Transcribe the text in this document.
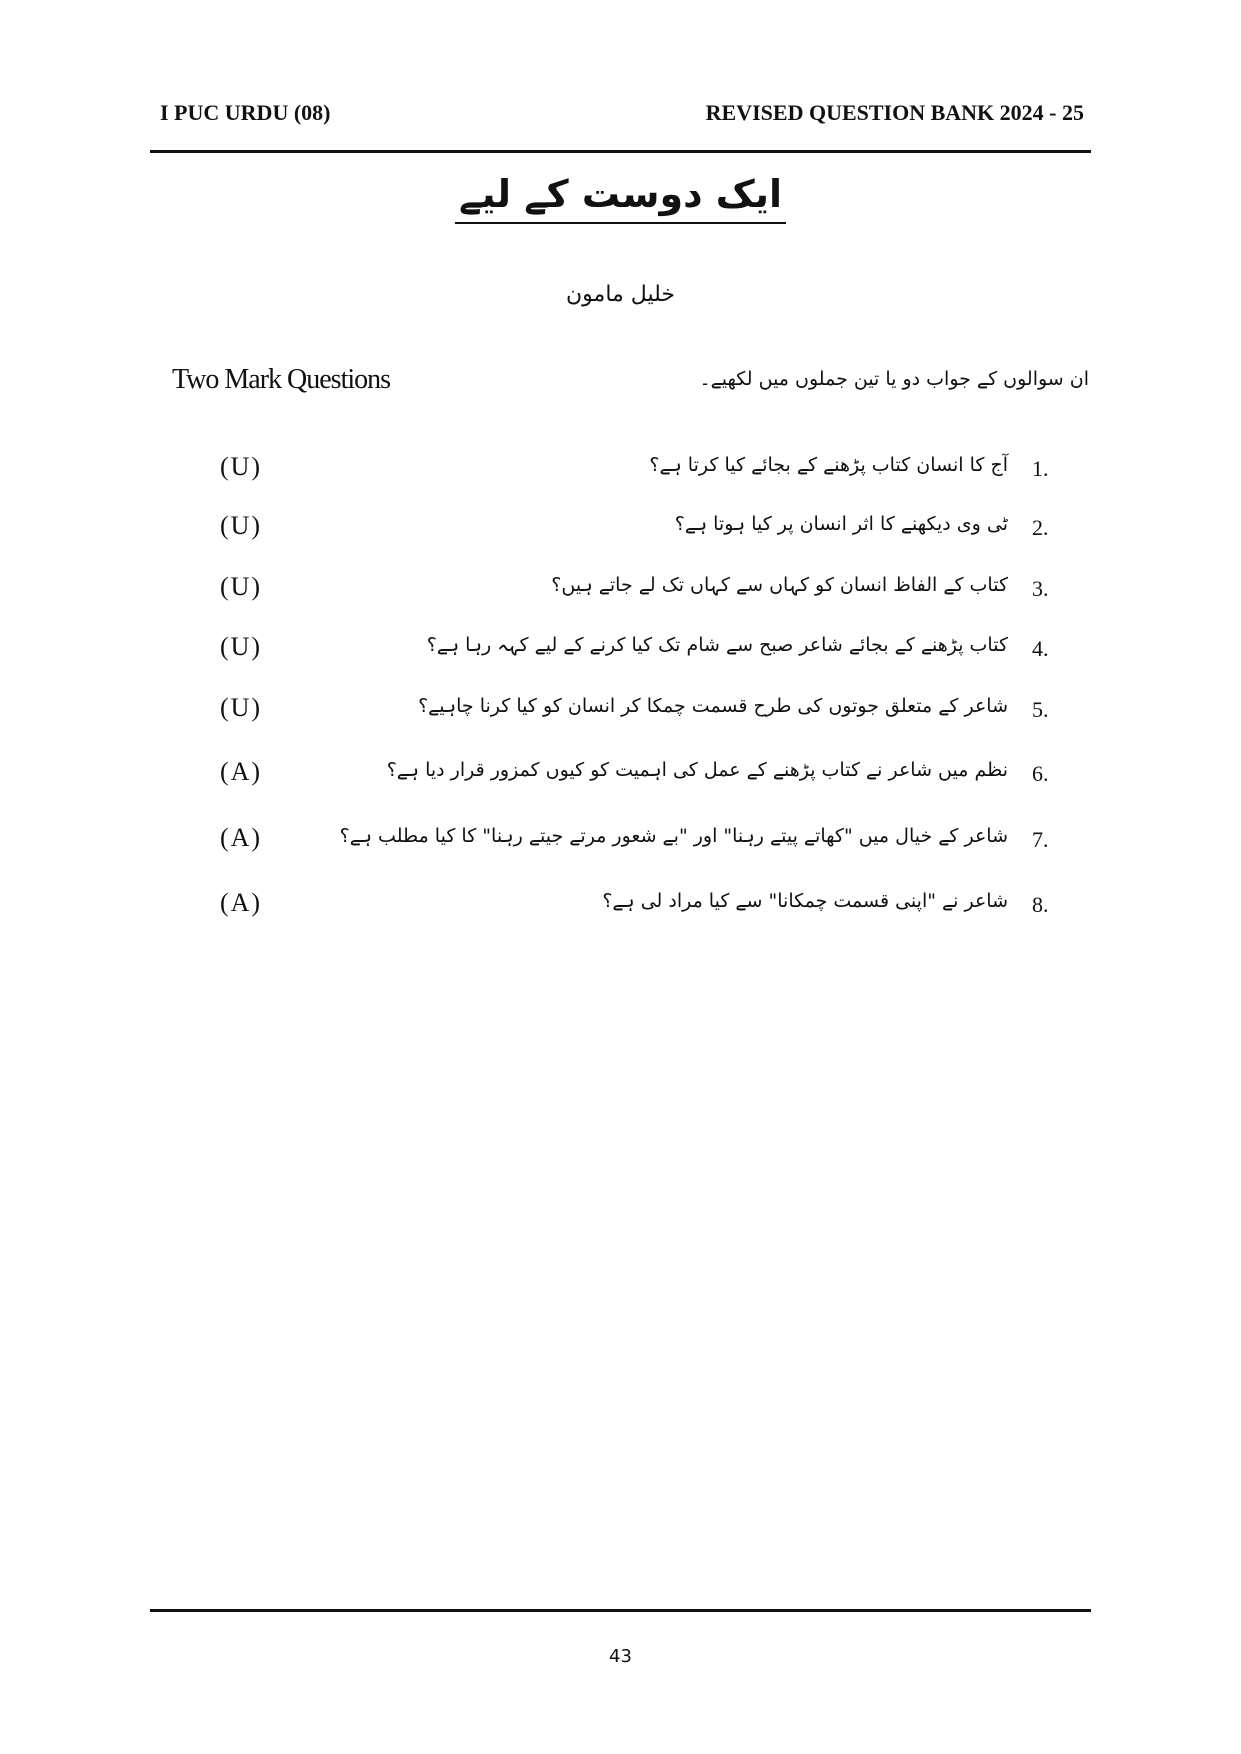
I PUC URDU (08)	REVISED QUESTION BANK 2024 - 25
ایک دوست کے لیے
خلیل مامون
Two Mark Questions	ان سوالوں کے جواب دو یا تین جملوں میں لکھیے۔
(U)	آج کا انسان کتاب پڑھنے کے بجائے کیا کرتا ہے؟ 1.
(U)	ٹی وی دیکھنے کا اثر انسان پر کیا ہوتا ہے؟ 2.
(U)	کتاب کے الفاظ انسان کو کہاں سے کہاں تک لے جاتے ہیں؟ 3.
(U)	کتاب پڑھنے کے بجائے شاعر صبح سے شام تک کیا کرنے کے لیے کہہ رہا ہے؟ 4.
(U)	شاعر کے متعلق جوتوں کی طرح قسمت چمکا کر انسان کو کیا کرنا چاہیے؟ 5.
(A)	نظم میں شاعر نے کتاب پڑھنے کے عمل کی اہمیت کو کیوں کمزور قرار دیا ہے؟ 6.
(A)	شاعر کے خیال میں "کھاتے پیتے رہنا" اور "بے شعور مرتے جیتے رہنا" کا کیا مطلب ہے؟ 7.
(A)	شاعر نے "اپنی قسمت چمکانا" سے کیا مراد لی ہے؟ 8.
43
